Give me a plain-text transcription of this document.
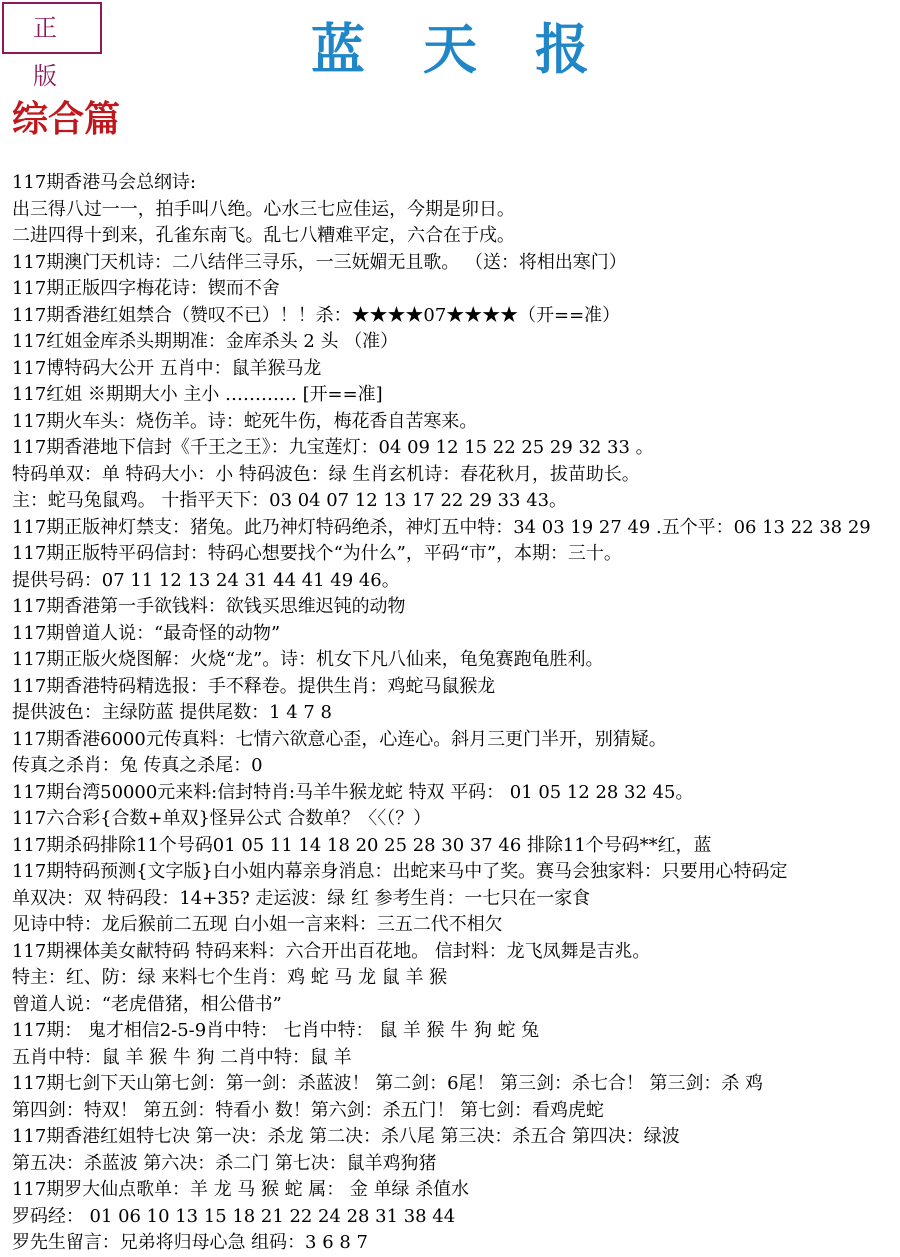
正 版	蓝天报
综合篇
117期香港马会总纲诗:
出三得八过一一，拍手叫八绝。心水三七应佳运，今期是卯日。
二进四得十到来，孔雀东南飞。乱七八糟难平定，六合在于戌。
117期澳门天机诗：二八结伴三寻乐，一三妩媚无且歌。 （送：将相出寒门）
117期正版四字梅花诗：锲而不舍
117期香港红姐禁合（赞叹不已）！！杀：★★★★07★★★★（开==准）
117红姐金库杀头期期准：金库杀头 2 头 （准）
117博特码大公开 五肖中：鼠羊猴马龙
117红姐 ※期期大小 主小 ………… [开==准]
117期火车头：烧伤羊。诗：蛇死牛伤，梅花香自苦寒来。
117期香港地下信封《千王之王》：九宝莲灯：04 09 12 15 22 25 29 32 33 。
特码单双：单 特码大小：小 特码波色：绿 生肖玄机诗：春花秋月，拔苗助长。
主：蛇马兔鼠鸡。 十指平天下：03 04 07 12 13 17 22 29 33 43。
117期正版神灯禁支：猪兔。此乃神灯特码绝杀，神灯五中特：34 03 19 27 49 .五个平：06 13 22 38 29
117期正版特平码信封：特码心想要找个“为什么”，平码“市”，本期：三十。
提供号码：07 11 12 13 24 31 44 41 49 46。
117期香港第一手欲钱料：欲钱买思维迟钝的动物
117期曾道人说：“最奇怪的动物”
117期正版火烧图解：火烧“龙”。诗：机女下凡八仙来，龟兔赛跑龟胜利。
117期香港特码精选报：手不释卷。提供生肖：鸡蛇马鼠猴龙
提供波色：主绿防蓝 提供尾数：1 4 7 8
117期香港6000元传真料：七情六欲意心歪，心连心。斜月三更门半开，别猜疑。
传真之杀肖：兔 传真之杀尾：0
117期台湾50000元来料:信封特肖:马羊牛猴龙蛇 特双 平码： 01 05 12 28 32 45。
117六合彩{合数+单双}怪异公式 合数单？〈〈（？）
117期杀码排除11个号码01 05 11 14 18 20 25 28 30 37 46 排除11个号码**红，蓝
117期特码预测{文字版}白小姐内幕亲身消息：出蛇来马中了奖。赛马会独家料：只要用心特码定
单双决：双 特码段：14+35? 走运波：绿 红 参考生肖：一七只在一家食
见诗中特：龙后猴前二五现 白小姐一言来料：三五二代不相欠
117期裸体美女献特码 特码来料：六合开出百花地。 信封料：龙飞凤舞是吉兆。
特主：红、防：绿 来料七个生肖：鸡 蛇 马 龙 鼠 羊 猴
曾道人说：“老虎借猪，相公借书”
117期： 鬼才相信2-5-9肖中特： 七肖中特： 鼠 羊 猴 牛 狗 蛇 兔
五肖中特：鼠 羊 猴 牛 狗 二肖中特：鼠 羊
117期七剑下天山第七剑：第一剑：杀蓝波！ 第二剑：6尾！ 第三剑：杀七合！ 第三剑：杀 鸡
第四剑：特双！ 第五剑：特看小 数！第六剑：杀五门！ 第七剑：看鸡虎蛇
117期香港红姐特七决 第一决：杀龙 第二决：杀八尾 第三决：杀五合 第四决：绿波
第五决：杀蓝波 第六决：杀二门 第七决：鼠羊鸡狗猪
117期罗大仙点歌单：羊 龙 马 猴 蛇 属： 金 单绿 杀值水
罗码经： 01 06 10 13 15 18 21 22 24 28 31 38 44
罗先生留言：兄弟将归母心急 组码：3 6 8 7
